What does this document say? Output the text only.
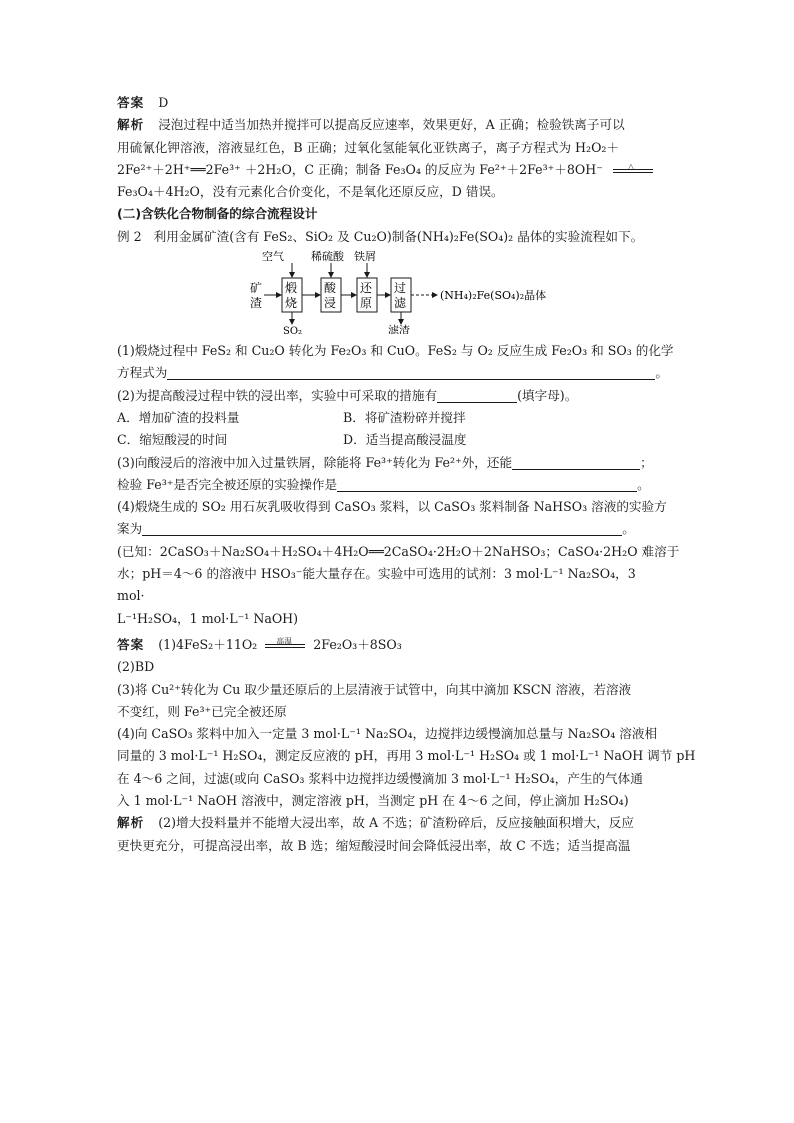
答案 D
解析 浸泡过程中适当加热并搅拌可以提高反应速率，效果更好，A 正确；检验铁离子可以
用硫氰化钾溶液，溶液显红色，B 正确；过氧化氢能氧化亚铁离子，离子方程式为 H₂O₂＋
2Fe²⁺＋2H⁺══2Fe³⁺ ＋2H₂O，C 正确；制备 Fe₃O₄ 的反应为 Fe²⁺＋2Fe³⁺＋8OH⁻	△
Fe₃O₄＋4H₂O，没有元素化合价变化，不是氧化还原反应，D 错误。
(二)含铁化合物制备的综合流程设计
例 2 利用金属矿渣(含有 FeS₂、SiO₂ 及 Cu₂O)制备(NH₄)₂Fe(SO₄)₂ 晶体的实验流程如下。
矿
渣
煅
烧
酸
浸
还
原
过
滤
(NH₄)₂Fe(SO₄)₂晶体
空气 稀硫酸 铁屑
SO₂	滤渣
(1)煅烧过程中 FeS₂ 和 Cu₂O 转化为 Fe₂O₃ 和 CuO。FeS₂ 与 O₂ 反应生成 Fe₂O₃ 和 SO₃ 的化学
方程式为	。
(2)为提高酸浸过程中铁的浸出率，实验中可采取的措施有	(填字母)。
A．增加矿渣的投料量	B．将矿渣粉碎并搅拌
C．缩短酸浸的时间	D．适当提高酸浸温度
(3)向酸浸后的溶液中加入过量铁屑，除能将 Fe³⁺转化为 Fe²⁺外，还能	；
检验 Fe³⁺是否完全被还原的实验操作是	。
(4)煅烧生成的 SO₂ 用石灰乳吸收得到 CaSO₃ 浆料，以 CaSO₃ 浆料制备 NaHSO₃ 溶液的实验方
案为	。
(已知：2CaSO₃＋Na₂SO₄＋H₂SO₄＋4H₂O══2CaSO₄·2H₂O＋2NaHSO₃；CaSO₄·2H₂O 难溶于
水；pH＝4～6 的溶液中 HSO₃⁻能大量存在。实验中可选用的试剂：3 mol·L⁻¹ Na₂SO₄，3
mol·
L⁻¹H₂SO₄，1 mol·L⁻¹ NaOH)
答案 (1)4FeS₂＋11O₂ 高温 2Fe₂O₃＋8SO₃
(2)BD
(3)将 Cu²⁺转化为 Cu 取少量还原后的上层清液于试管中，向其中滴加 KSCN 溶液，若溶液
不变红，则 Fe³⁺已完全被还原
(4)向 CaSO₃ 浆料中加入一定量 3 mol·L⁻¹ Na₂SO₄，边搅拌边缓慢滴加总量与 Na₂SO₄ 溶液相
同量的 3 mol·L⁻¹ H₂SO₄，测定反应液的 pH，再用 3 mol·L⁻¹ H₂SO₄ 或 1 mol·L⁻¹ NaOH 调节 pH
在 4～6 之间，过滤(或向 CaSO₃ 浆料中边搅拌边缓慢滴加 3 mol·L⁻¹ H₂SO₄，产生的气体通
入 1 mol·L⁻¹ NaOH 溶液中，测定溶液 pH，当测定 pH 在 4～6 之间，停止滴加 H₂SO₄)
解析 (2)增大投料量并不能增大浸出率，故 A 不选；矿渣粉碎后，反应接触面积增大，反应
更快更充分，可提高浸出率，故 B 选；缩短酸浸时间会降低浸出率，故 C 不选；适当提高温
